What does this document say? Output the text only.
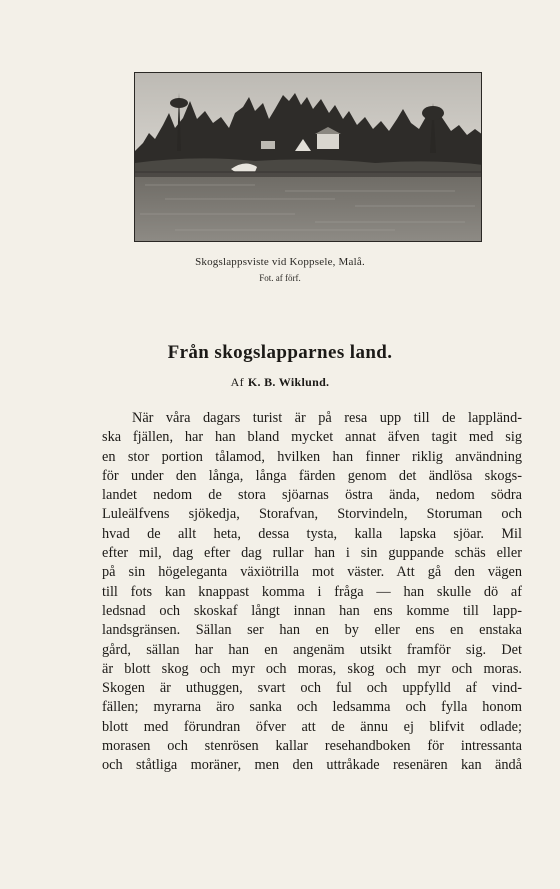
Skogslappsviste vid Koppsele, Malå.
Fot. af förf.
Från skogslapparnes land.
Af K. B. Wiklund.
När våra dagars turist är på resa upp till de lappländ-
ska fjällen, har han bland mycket annat äfven tagit med sig
en stor portion tålamod, hvilken han finner riklig användning
för under den långa, långa färden genom det ändlösa skogs-
landet nedom de stora sjöarnas östra ända, nedom södra
Luleälfvens sjökedja, Storafvan, Storvindeln, Storuman och
hvad de allt heta, dessa tysta, kalla lapska sjöar. Mil
efter mil, dag efter dag rullar han i sin guppande schäs eller
på sin högeleganta växiötrilla mot väster. Att gå den vägen
till fots kan knappast komma i fråga — han skulle dö af
ledsnad och skoskaf långt innan han ens komme till lapp-
landsgränsen. Sällan ser han en by eller ens en enstaka
gård, sällan har han en angenäm utsikt framför sig. Det
är blott skog och myr och moras, skog och myr och moras.
Skogen är uthuggen, svart och ful och uppfylld af vind-
fällen; myrarna äro sanka och ledsamma och fylla honom
blott med förundran öfver att de ännu ej blifvit odlade;
morasen och stenrösen kallar resehandboken för intressanta
och ståtliga moräner, men den uttråkade resenären kan ändå
